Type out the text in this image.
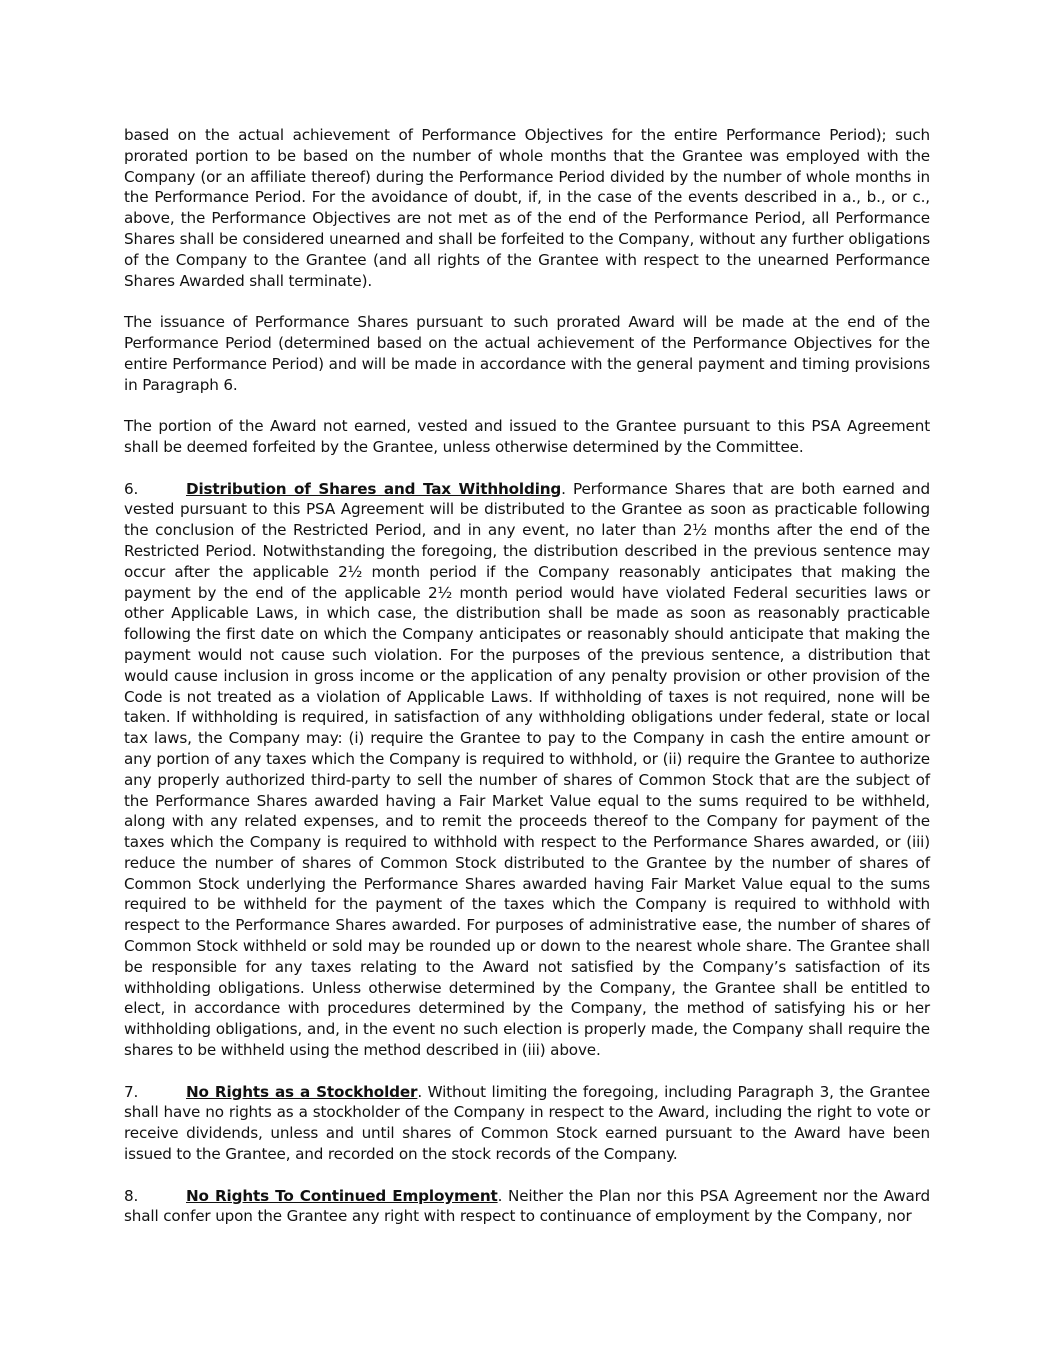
based on the actual achievement of Performance Objectives for the entire Performance Period); such prorated portion to be based on the number of whole months that the Grantee was employed with the Company (or an affiliate thereof) during the Performance Period divided by the number of whole months in the Performance Period. For the avoidance of doubt, if, in the case of the events described in a., b., or c., above, the Performance Objectives are not met as of the end of the Performance Period, all Performance Shares shall be considered unearned and shall be forfeited to the Company, without any further obligations of the Company to the Grantee (and all rights of the Grantee with respect to the unearned Performance Shares Awarded shall terminate).

The issuance of Performance Shares pursuant to such prorated Award will be made at the end of the Performance Period (determined based on the actual achievement of the Performance Objectives for the entire Performance Period) and will be made in accordance with the general payment and timing provisions in Paragraph 6.

The portion of the Award not earned, vested and issued to the Grantee pursuant to this PSA Agreement shall be deemed forfeited by the Grantee, unless otherwise determined by the Committee.

6.	Distribution of Shares and Tax Withholding. Performance Shares that are both earned and vested pursuant to this PSA Agreement will be distributed to the Grantee as soon as practicable following the conclusion of the Restricted Period, and in any event, no later than 2½ months after the end of the Restricted Period. Notwithstanding the foregoing, the distribution described in the previous sentence may occur after the applicable 2½ month period if the Company reasonably anticipates that making the payment by the end of the applicable 2½ month period would have violated Federal securities laws or other Applicable Laws, in which case, the distribution shall be made as soon as reasonably practicable following the first date on which the Company anticipates or reasonably should anticipate that making the payment would not cause such violation. For the purposes of the previous sentence, a distribution that would cause inclusion in gross income or the application of any penalty provision or other provision of the Code is not treated as a violation of Applicable Laws. If withholding of taxes is not required, none will be taken. If withholding is required, in satisfaction of any withholding obligations under federal, state or local tax laws, the Company may: (i) require the Grantee to pay to the Company in cash the entire amount or any portion of any taxes which the Company is required to withhold, or (ii) require the Grantee to authorize any properly authorized third-party to sell the number of shares of Common Stock that are the subject of the Performance Shares awarded having a Fair Market Value equal to the sums required to be withheld, along with any related expenses, and to remit the proceeds thereof to the Company for payment of the taxes which the Company is required to withhold with respect to the Performance Shares awarded, or (iii) reduce the number of shares of Common Stock distributed to the Grantee by the number of shares of Common Stock underlying the Performance Shares awarded having Fair Market Value equal to the sums required to be withheld for the payment of the taxes which the Company is required to withhold with respect to the Performance Shares awarded. For purposes of administrative ease, the number of shares of Common Stock withheld or sold may be rounded up or down to the nearest whole share. The Grantee shall be responsible for any taxes relating to the Award not satisfied by the Company’s satisfaction of its withholding obligations. Unless otherwise determined by the Company, the Grantee shall be entitled to elect, in accordance with procedures determined by the Company, the method of satisfying his or her withholding obligations, and, in the event no such election is properly made, the Company shall require the shares to be withheld using the method described in (iii) above.

7.	No Rights as a Stockholder. Without limiting the foregoing, including Paragraph 3, the Grantee shall have no rights as a stockholder of the Company in respect to the Award, including the right to vote or receive dividends, unless and until shares of Common Stock earned pursuant to the Award have been issued to the Grantee, and recorded on the stock records of the Company.

8.	No Rights To Continued Employment. Neither the Plan nor this PSA Agreement nor the Award shall confer upon the Grantee any right with respect to continuance of employment by the Company, nor
